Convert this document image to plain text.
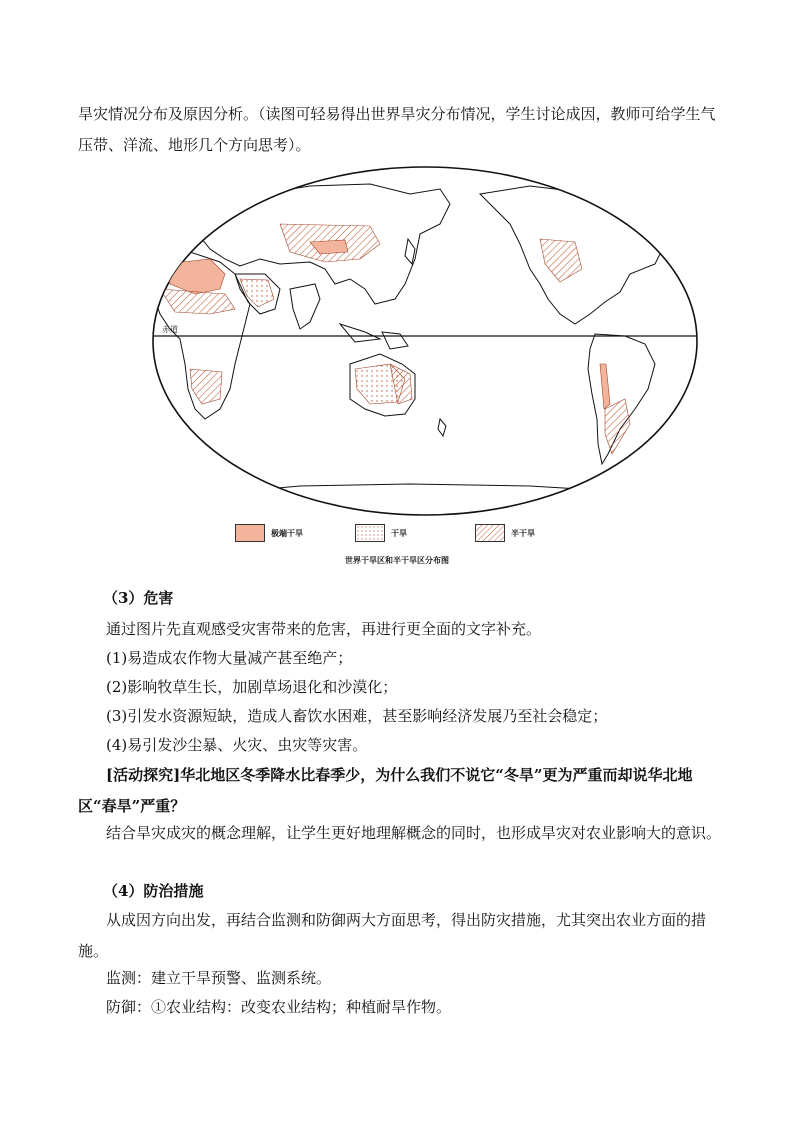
旱灾情况分布及原因分析。（读图可轻易得出世界旱灾分布情况，学生讨论成因，教师可给学生气压带、洋流、地形几个方向思考）。

赤道
极端干旱	干旱	半干旱
世界干旱区和半干旱区分布图

（3）危害

通过图片先直观感受灾害带来的危害，再进行更全面的文字补充。

(1)易造成农作物大量减产甚至绝产；

(2)影响牧草生长，加剧草场退化和沙漠化；

(3)引发水资源短缺，造成人畜饮水困难，甚至影响经济发展乃至社会稳定；

(4)易引发沙尘暴、火灾、虫灾等灾害。

[活动探究]华北地区冬季降水比春季少，为什么我们不说它“冬旱”更为严重而却说华北地区“春旱”严重？

结合旱灾成灾的概念理解，让学生更好地理解概念的同时，也形成旱灾对农业影响大的意识。

（4）防治措施

从成因方向出发，再结合监测和防御两大方面思考，得出防灾措施，尤其突出农业方面的措施。

监测：建立干旱预警、监测系统。

防御：①农业结构：改变农业结构；种植耐旱作物。
